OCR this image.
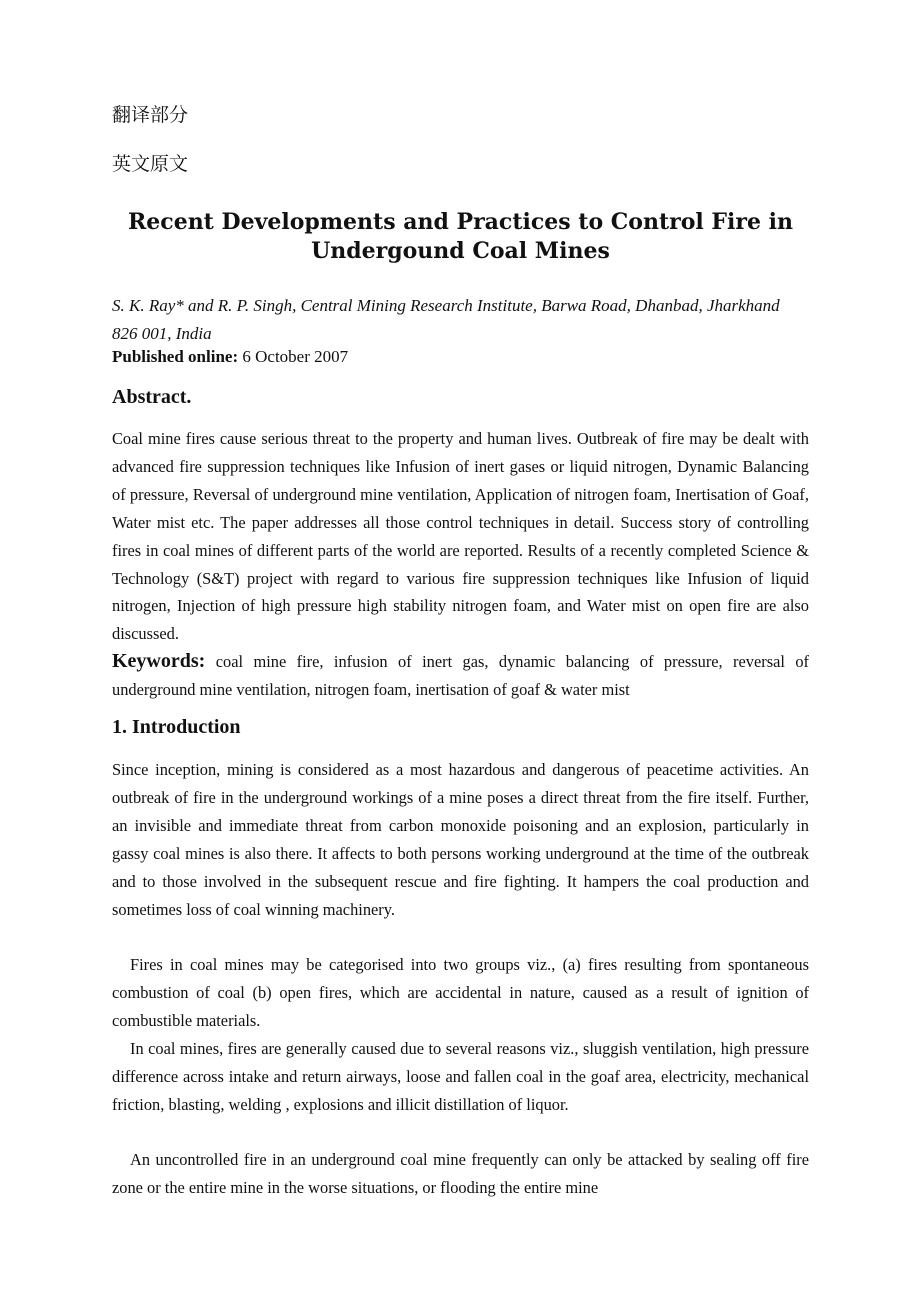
翻译部分
英文原文
Recent Developments and Practices to Control Fire in Undergound Coal Mines
S. K. Ray* and R. P. Singh, Central Mining Research Institute, Barwa Road, Dhanbad, Jharkhand 826 001, India
Published online: 6 October 2007
Abstract.

Coal mine fires cause serious threat to the property and human lives. Outbreak of fire may be dealt with advanced fire suppression techniques like Infusion of inert gases or liquid nitrogen, Dynamic Balancing of pressure, Reversal of underground mine ventilation, Application of nitrogen foam, Inertisation of Goaf, Water mist etc. The paper addresses all those control techniques in detail. Success story of controlling fires in coal mines of different parts of the world are reported. Results of a recently completed Science & Technology (S&T) project with regard to various fire suppression techniques like Infusion of liquid nitrogen, Injection of high pressure high stability nitrogen foam, and Water mist on open fire are also discussed.

Keywords: coal mine fire, infusion of inert gas, dynamic balancing of pressure, reversal of underground mine ventilation, nitrogen foam, inertisation of goaf & water mist

1. Introduction

Since inception, mining is considered as a most hazardous and dangerous of peacetime activities. An outbreak of fire in the underground workings of a mine poses a direct threat from the fire itself. Further, an invisible and immediate threat from carbon monoxide poisoning and an explosion, particularly in gassy coal mines is also there. It affects to both persons working underground at the time of the outbreak and to those involved in the subsequent rescue and fire fighting. It hampers the coal production and sometimes loss of coal winning machinery.

Fires in coal mines may be categorised into two groups viz., (a) fires resulting from spontaneous combustion of coal (b) open fires, which are accidental in nature, caused as a result of ignition of combustible materials.

In coal mines, fires are generally caused due to several reasons viz., sluggish ventilation, high pressure difference across intake and return airways, loose and fallen coal in the goaf area, electricity, mechanical friction, blasting, welding , explosions and illicit distillation of liquor.

An uncontrolled fire in an underground coal mine frequently can only be attacked by sealing off fire zone or the entire mine in the worse situations, or flooding the entire mine
